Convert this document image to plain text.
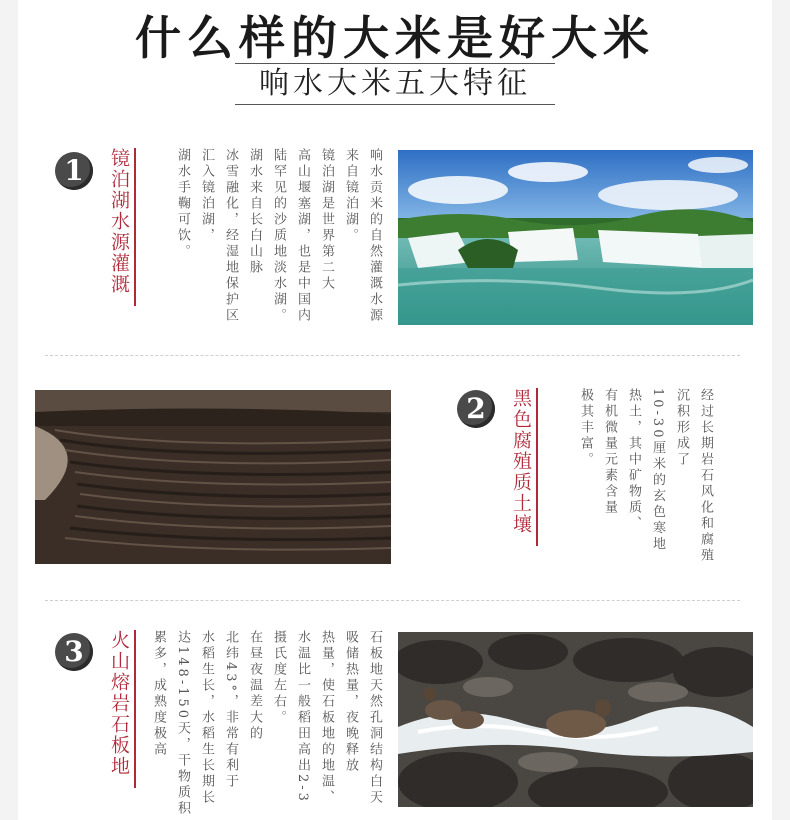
什么样的大米是好大米
响水大米五大特征
1	镜泊湖水源灌溉	响水贡米的自然灌溉水源
来自镜泊湖。
镜泊湖是世界第二大
高山堰塞湖，也是中国内
陆罕见的沙质地淡水湖。
湖水来自长白山脉
冰雪融化，经湿地保护区
汇入镜泊湖，
湖水手鞠可饮。
2	黑色腐殖质土壤	经过长期岩石风化和腐殖
沉积形成了
10-30厘米的玄色寒地
热土，其中矿物质、
有机微量元素含量
极其丰富。
3	火山熔岩石板地	石板地天然孔洞结构白天
吸储热量，夜晚释放
热量，使石板地的地温、
水温比一般稻田高出2-3
摄氏度左右。
在昼夜温差大的
北纬43°，非常有利于
水稻生长，水稻生长期长
达148-150天，干物质积
累多，成熟度极高
